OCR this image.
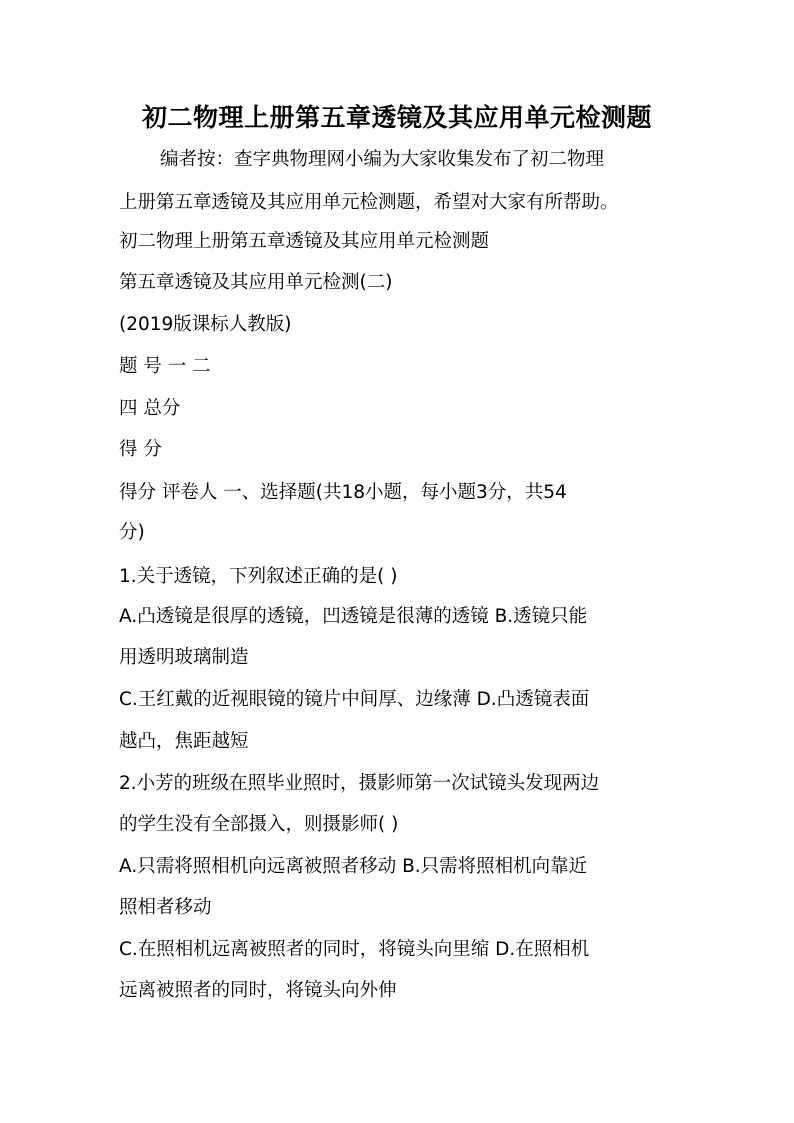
初二物理上册第五章透镜及其应用单元检测题
编者按：查字典物理网小编为大家收集发布了初二物理
上册第五章透镜及其应用单元检测题，希望对大家有所帮助。
初二物理上册第五章透镜及其应用单元检测题
第五章透镜及其应用单元检测(二)
(2019版课标人教版)
题 号 一 二
四 总分
得 分
得分 评卷人 一、选择题(共18小题，每小题3分，共54
分)
1.关于透镜，下列叙述正确的是( )
A.凸透镜是很厚的透镜，凹透镜是很薄的透镜 B.透镜只能
用透明玻璃制造
C.王红戴的近视眼镜的镜片中间厚、边缘薄 D.凸透镜表面
越凸，焦距越短
2.小芳的班级在照毕业照时，摄影师第一次试镜头发现两边
的学生没有全部摄入，则摄影师( )
A.只需将照相机向远离被照者移动 B.只需将照相机向靠近
照相者移动
C.在照相机远离被照者的同时，将镜头向里缩 D.在照相机
远离被照者的同时，将镜头向外伸
